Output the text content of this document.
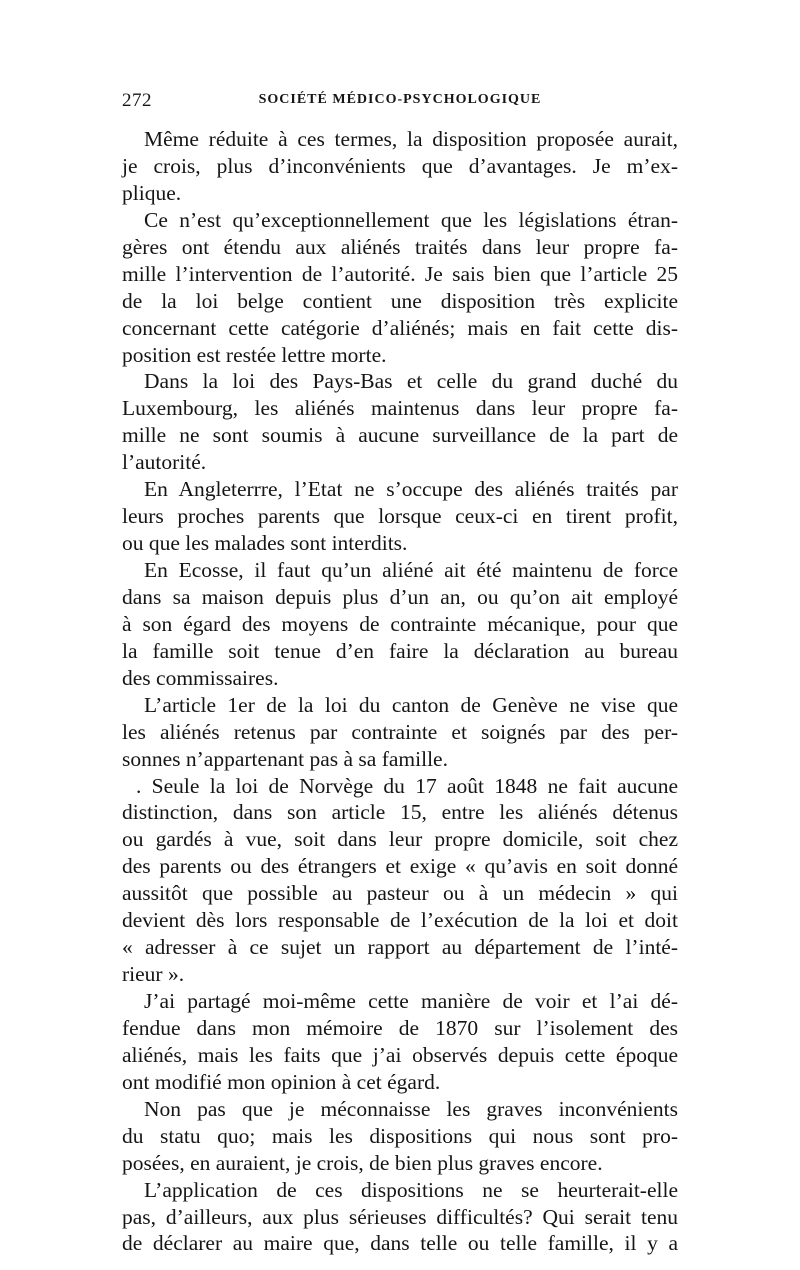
272	SOCIÉTÉ MÉDICO-PSYCHOLOGIQUE
Même réduite à ces termes, la disposition proposée aurait,
je crois, plus d’inconvénients que d’avantages. Je m’ex-
plique.
Ce n’est qu’exceptionnellement que les législations étran-
gères ont étendu aux aliénés traités dans leur propre fa-
mille l’intervention de l’autorité. Je sais bien que l’article 25
de la loi belge contient une disposition très explicite
concernant cette catégorie d’aliénés; mais en fait cette dis-
position est restée lettre morte.
Dans la loi des Pays-Bas et celle du grand duché du
Luxembourg, les aliénés maintenus dans leur propre fa-
mille ne sont soumis à aucune surveillance de la part de
l’autorité.
En Angleterrre, l’Etat ne s’occupe des aliénés traités par
leurs proches parents que lorsque ceux-ci en tirent profit,
ou que les malades sont interdits.
En Ecosse, il faut qu’un aliéné ait été maintenu de force
dans sa maison depuis plus d’un an, ou qu’on ait employé
à son égard des moyens de contrainte mécanique, pour que
la famille soit tenue d’en faire la déclaration au bureau
des commissaires.
L’article 1er de la loi du canton de Genève ne vise que
les aliénés retenus par contrainte et soignés par des per-
sonnes n’appartenant pas à sa famille.
. Seule la loi de Norvège du 17 août 1848 ne fait aucune
distinction, dans son article 15, entre les aliénés détenus
ou gardés à vue, soit dans leur propre domicile, soit chez
des parents ou des étrangers et exige « qu’avis en soit donné
aussitôt que possible au pasteur ou à un médecin » qui
devient dès lors responsable de l’exécution de la loi et doit
« adresser à ce sujet un rapport au département de l’inté-
rieur ».
J’ai partagé moi-même cette manière de voir et l’ai dé-
fendue dans mon mémoire de 1870 sur l’isolement des
aliénés, mais les faits que j’ai observés depuis cette époque
ont modifié mon opinion à cet égard.
Non pas que je méconnaisse les graves inconvénients
du statu quo; mais les dispositions qui nous sont pro-
posées, en auraient, je crois, de bien plus graves encore.
L’application de ces dispositions ne se heurterait-elle
pas, d’ailleurs, aux plus sérieuses difficultés? Qui serait tenu
de déclarer au maire que, dans telle ou telle famille, il y a
